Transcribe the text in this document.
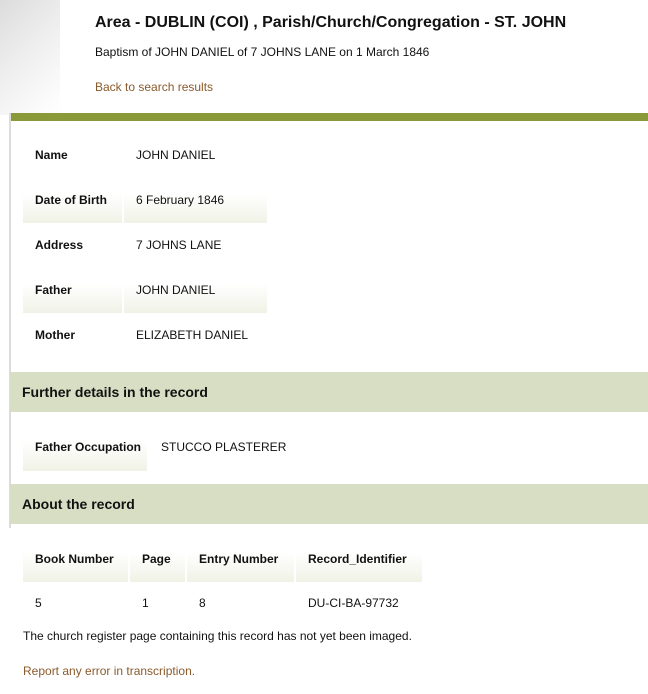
Area - DUBLIN (COI) , Parish/Church/Congregation - ST. JOHN
Baptism of JOHN DANIEL of 7 JOHNS LANE on 1 March 1846
Back to search results
Name	JOHN DANIEL
Date of Birth	6 February 1846
Address	7 JOHNS LANE
Father	JOHN DANIEL
Mother	ELIZABETH DANIEL
Further details in the record
Father Occupation	STUCCO PLASTERER
About the record
Book Number	Page	Entry Number	Record_Identifier
5	1	8	DU-CI-BA-97732
The church register page containing this record has not yet been imaged.
Report any error in transcription.
